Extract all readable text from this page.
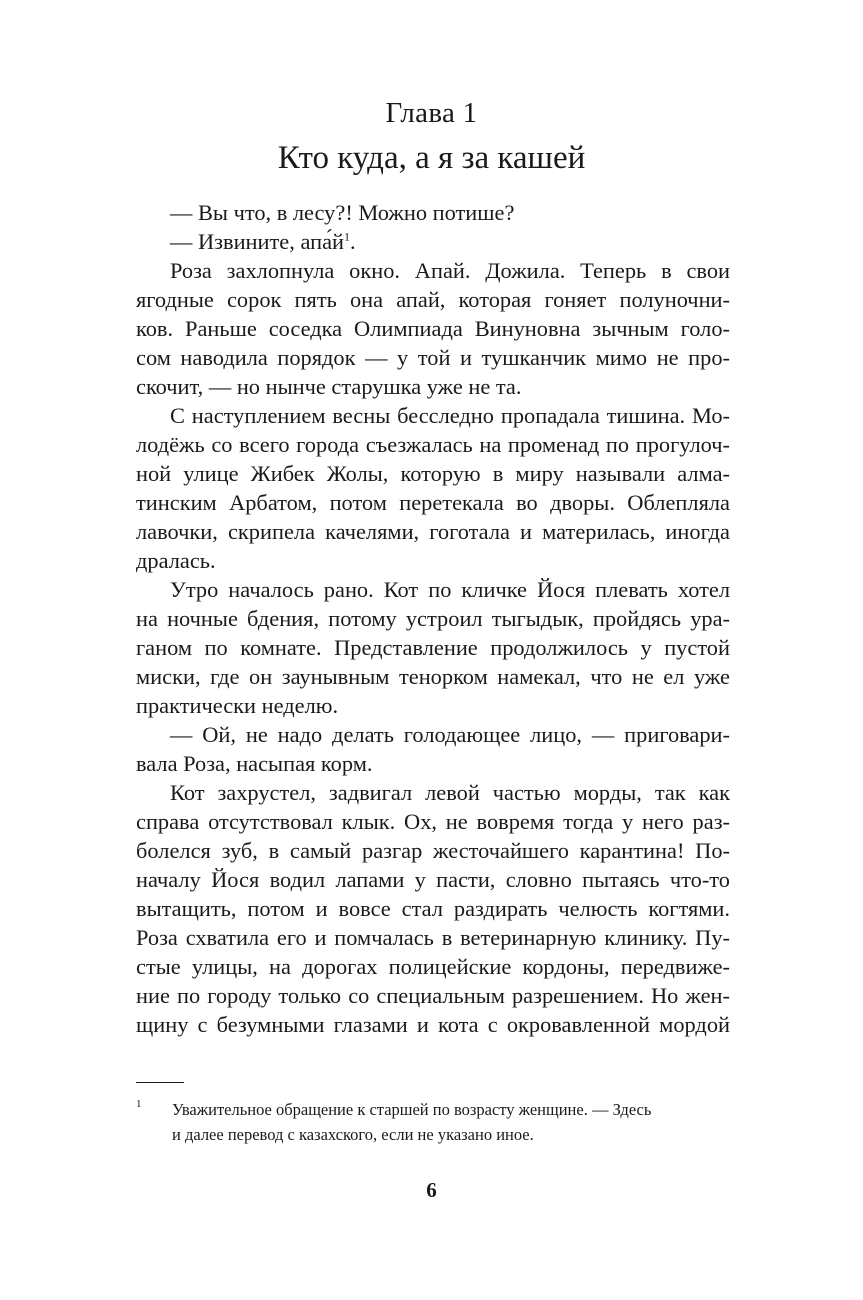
Глава 1
Кто куда, а я за кашей
— Вы что, в лесу?! Можно потише?
— Извините, $апа́й^1$.
Роза захлопнула окно. Апай. Дожила. Теперь в свои
ягодные сорок пять она апай, которая гоняет полуночни-
ков. Раньше соседка Олимпиада Винуновна зычным голо-
сом наводила порядок — у той и тушканчик мимо не про-
скочит, — но нынче старушка уже не та.
С наступлением весны бесследно пропадала тишина. Мо-
лодёжь со всего города съезжалась на променад по прогулоч-
ной улице Жибек Жолы, которую в миру называли алма-
тинским Арбатом, потом перетекала во дворы. Облепляла
лавочки, скрипела качелями, гоготала и материлась, иногда
дралась.
Утро началось рано. Кот по кличке Йося плевать хотел
на ночные бдения, потому устроил тыгыдык, пройдясь ура-
ганом по комнате. Представление продолжилось у пустой
миски, где он заунывным тенорком намекал, что не ел уже
практически неделю.
— Ой, не надо делать голодающее лицо, — приговари-
вала Роза, насыпая корм.
Кот захрустел, задвигал левой частью морды, так как
справа отсутствовал клык. Ох, не вовремя тогда у него раз-
болелся зуб, в самый разгар жесточайшего карантина! По-
началу Йося водил лапами у пасти, словно пытаясь что-то
вытащить, потом и вовсе стал раздирать челюсть когтями.
Роза схватила его и помчалась в ветеринарную клинику. Пу-
стые улицы, на дорогах полицейские кордоны, передвиже-
ние по городу только со специальным разрешением. Но жен-
щину с безумными глазами и кота с окровавленной мордой
1	Уважительное обращение к старшей по возрасту женщине. — Здесь
и далее перевод с казахского, если не указано иное.
6
